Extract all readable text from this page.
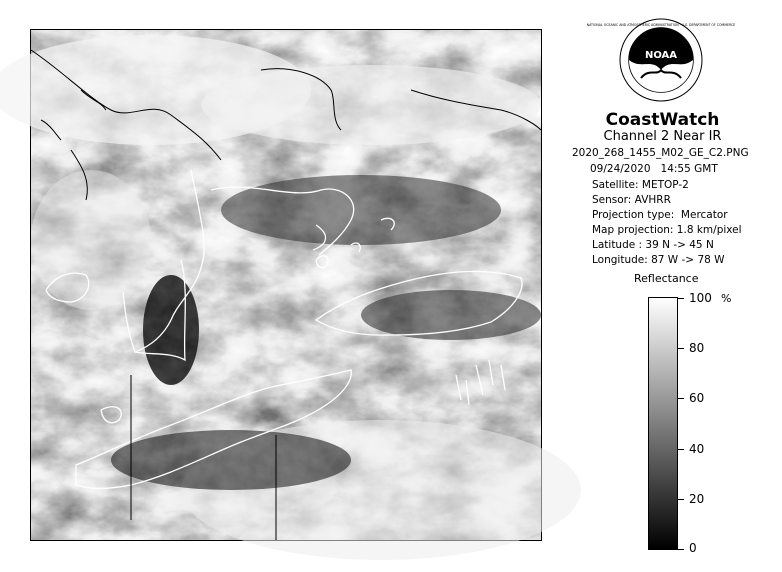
NOAA
NATIONAL OCEANIC AND ATMOSPHERIC ADMINISTRATION · U.S. DEPARTMENT OF COMMERCE
CoastWatch
Channel 2 Near IR
2020_268_1455_M02_GE_C2.PNG
09/24/2020   14:55 GMT
Satellite: METOP-2
Sensor: AVHRR
Projection type:  Mercator
Map projection: 1.8 km/pixel
Latitude : 39 N -> 45 N
Longitude: 87 W -> 78 W
Reflectance
%
100
80
60
40
20
0
